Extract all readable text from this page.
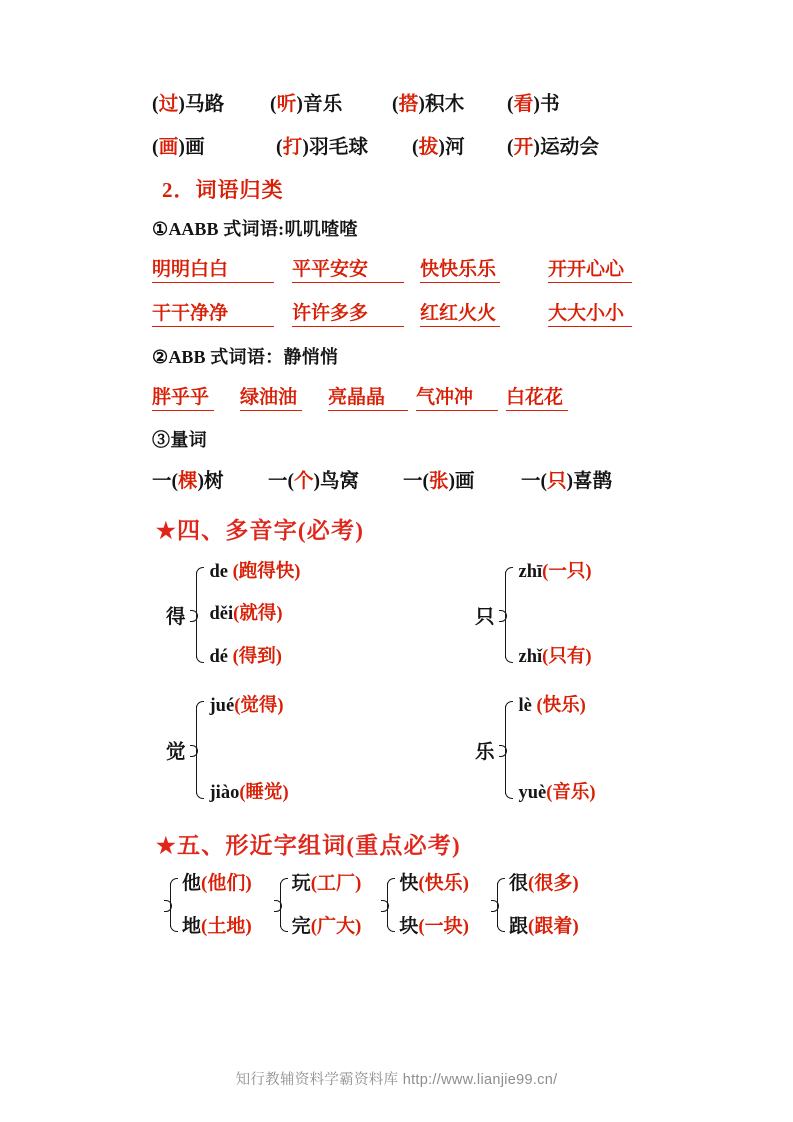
(过)马路	(听)音乐	(搭)积木	(看)书
(画)画	(打)羽毛球	(拔)河	(开)运动会
2．词语归类
①AABB 式词语:叽叽喳喳
明明白白	平平安安	快快乐乐	开开心心
干干净净	许许多多	红红火火	大大小小
②ABB 式词语：静悄悄
胖乎乎 绿油油 亮晶晶	气冲冲	白花花
③量词
一(棵)树	一(个)鸟窝	一(张)画	一(只)喜鹊
★四、多音字(必考)
得
de (跑得快)
děi(就得)
dé (得到)
只
zhī(一只)
zhǐ(只有)
觉
jué(觉得)
jiào(睡觉)
乐
lè (快乐)
yuè(音乐)
★五、形近字组词(重点必考)
他(他们)
地(土地)
玩(工厂)
完(广大)
快(快乐)
块(一块)
很(很多)
跟(跟着)
知行教辅资料学霸资料库 http://www.lianjie99.cn/
